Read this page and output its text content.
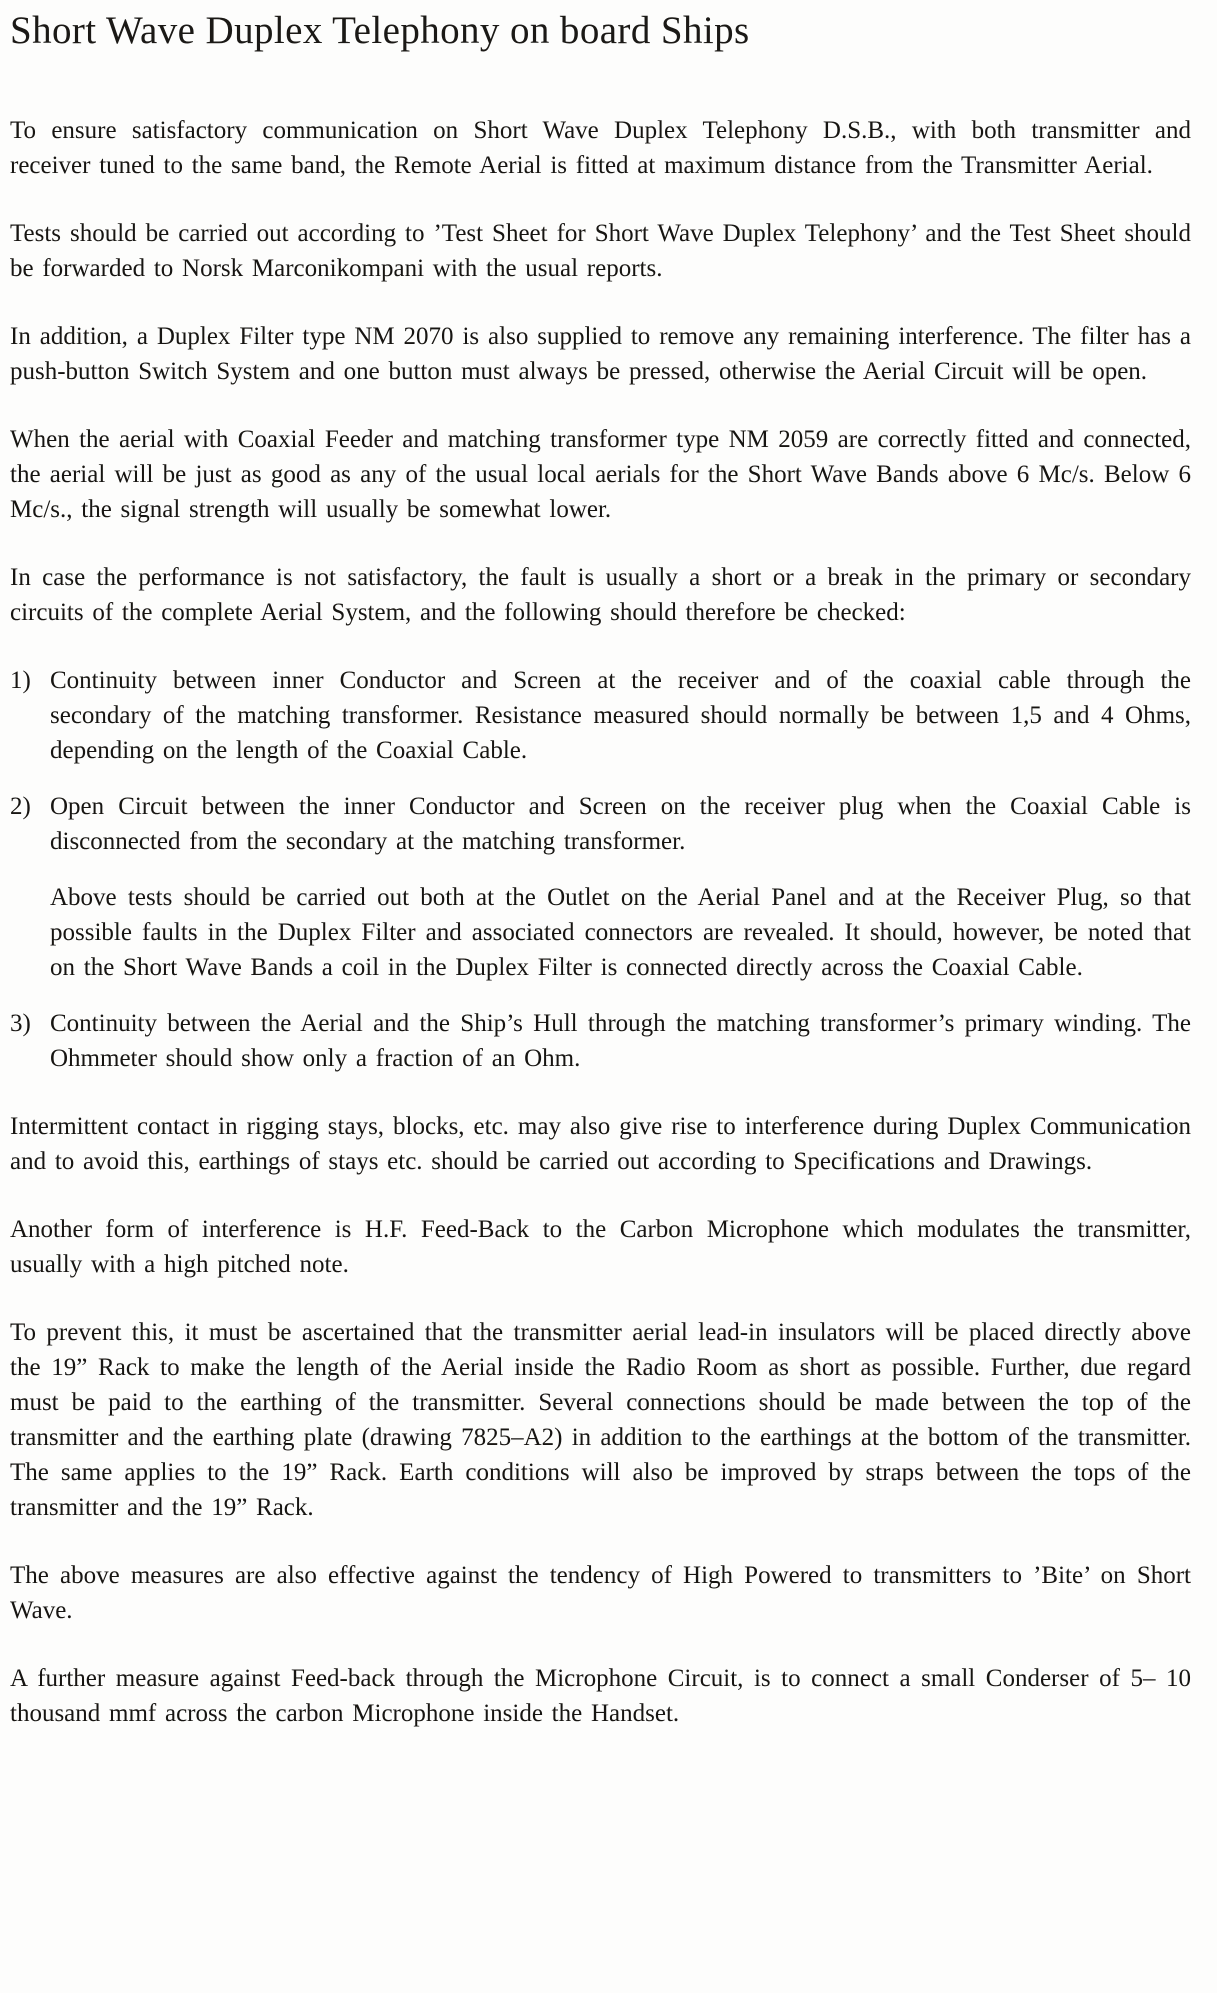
Short Wave Duplex Telephony on board Ships

To ensure satisfactory communication on Short Wave Duplex Telephony D.S.B., with both transmitter and receiver tuned to the same band, the Remote Aerial is fitted at maximum distance from the Transmitter Aerial.

Tests should be carried out according to ’Test Sheet for Short Wave Duplex Telephony’ and the Test Sheet should be forwarded to Norsk Marconikompani with the usual reports.

In addition, a Duplex Filter type NM 2070 is also supplied to remove any remaining interference. The filter has a push-button Switch System and one button must always be pressed, otherwise the Aerial Circuit will be open.

When the aerial with Coaxial Feeder and matching transformer type NM 2059 are correctly fitted and connected, the aerial will be just as good as any of the usual local aerials for the Short Wave Bands above 6 Mc/s. Below 6 Mc/s., the signal strength will usually be somewhat lower.

In case the performance is not satisfactory, the fault is usually a short or a break in the primary or secondary circuits of the complete Aerial System, and the following should therefore be checked:

1) Continuity between inner Conductor and Screen at the receiver and of the coaxial cable through the secondary of the matching transformer. Resistance measured should normally be between 1,5 and 4 Ohms, depending on the length of the Coaxial Cable.

2) Open Circuit between the inner Conductor and Screen on the receiver plug when the Coaxial Cable is disconnected from the secondary at the matching transformer.

Above tests should be carried out both at the Outlet on the Aerial Panel and at the Receiver Plug, so that possible faults in the Duplex Filter and associated connectors are revealed. It should, however, be noted that on the Short Wave Bands a coil in the Duplex Filter is connected directly across the Coaxial Cable.

3) Continuity between the Aerial and the Ship’s Hull through the matching transformer’s primary winding. The Ohmmeter should show only a fraction of an Ohm.

Intermittent contact in rigging stays, blocks, etc. may also give rise to interference during Duplex Communication and to avoid this, earthings of stays etc. should be carried out according to Specifications and Drawings.

Another form of interference is H.F. Feed-Back to the Carbon Microphone which modulates the transmitter, usually with a high pitched note.

To prevent this, it must be ascertained that the transmitter aerial lead-in insulators will be placed directly above the 19” Rack to make the length of the Aerial inside the Radio Room as short as possible. Further, due regard must be paid to the earthing of the transmitter. Several connections should be made between the top of the transmitter and the earthing plate (drawing 7825–A2) in addition to the earthings at the bottom of the transmitter. The same applies to the 19” Rack. Earth conditions will also be improved by straps between the tops of the transmitter and the 19” Rack.

The above measures are also effective against the tendency of High Powered to transmitters to ’Bite’ on Short Wave.

A further measure against Feed-back through the Microphone Circuit, is to connect a small Conderser of 5– 10 thousand mmf across the carbon Microphone inside the Handset.
